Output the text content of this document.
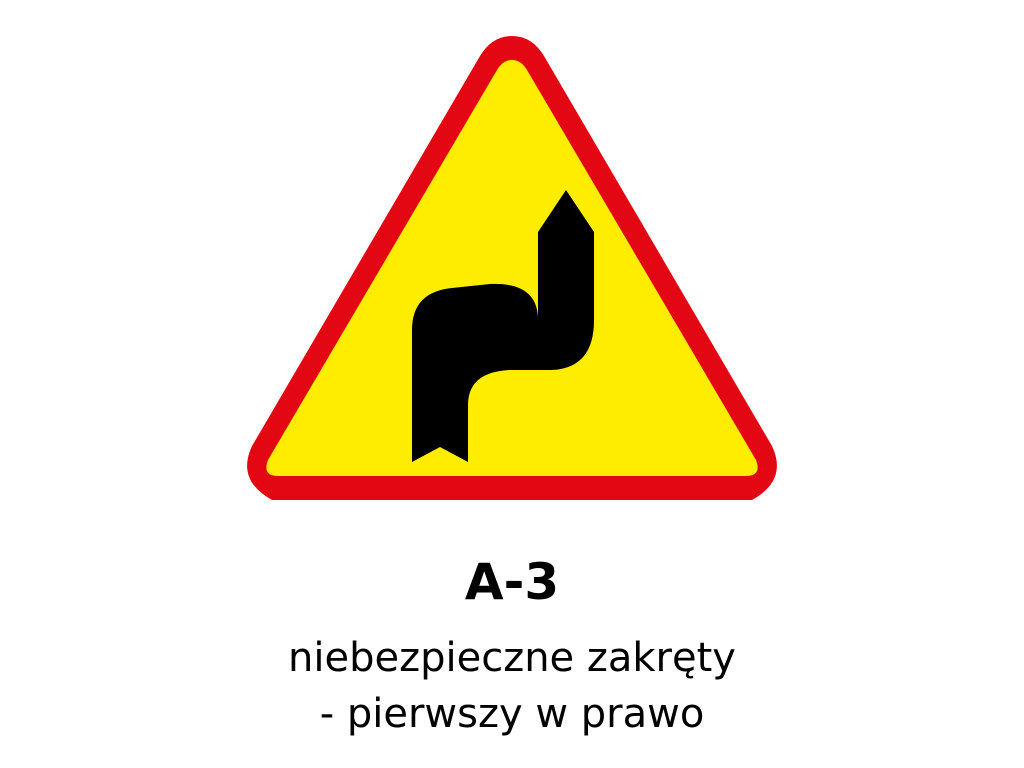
A-3
niebezpieczne zakręty
- pierwszy w prawo
